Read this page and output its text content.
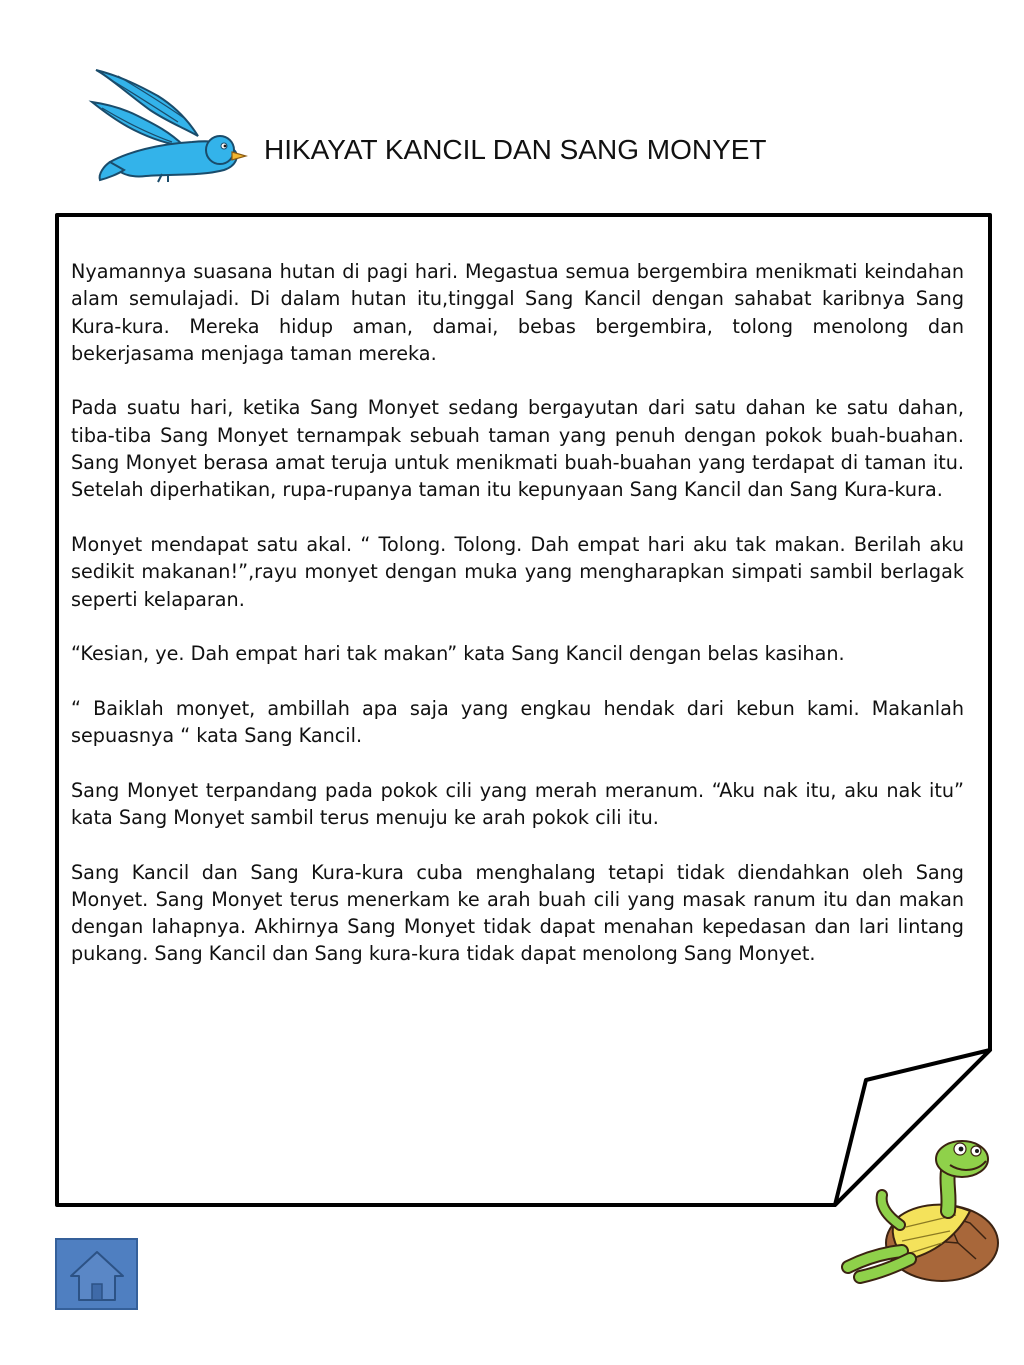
HIKAYAT KANCIL DAN SANG MONYET

Nyamannya suasana hutan di pagi hari. Megastua semua bergembira menikmati keindahan alam semulajadi. Di dalam hutan itu,tinggal Sang Kancil dengan sahabat karibnya Sang Kura-kura. Mereka hidup aman, damai, bebas bergembira, tolong menolong dan bekerjasama menjaga taman mereka.

Pada suatu hari, ketika Sang Monyet sedang bergayutan dari satu dahan ke satu dahan, tiba-tiba Sang Monyet ternampak sebuah taman yang penuh dengan pokok buah-buahan. Sang Monyet berasa amat teruja untuk menikmati buah-buahan yang terdapat di taman itu. Setelah diperhatikan, rupa-rupanya taman itu kepunyaan Sang Kancil dan Sang Kura-kura.

Monyet mendapat satu akal. “ Tolong. Tolong. Dah empat hari aku tak makan. Berilah aku sedikit makanan!”,rayu monyet dengan muka yang mengharapkan simpati sambil berlagak seperti kelaparan.

“Kesian, ye. Dah empat hari tak makan” kata Sang Kancil dengan belas kasihan.

“ Baiklah monyet, ambillah apa saja yang engkau hendak dari kebun kami. Makanlah sepuasnya “ kata Sang Kancil.

Sang Monyet terpandang pada pokok cili yang merah meranum. “Aku nak itu, aku nak itu” kata Sang Monyet sambil terus menuju ke arah pokok cili itu.

Sang Kancil dan Sang Kura-kura cuba menghalang tetapi tidak diendahkan oleh Sang Monyet. Sang Monyet terus menerkam ke arah buah cili yang masak ranum itu dan makan dengan lahapnya. Akhirnya Sang Monyet tidak dapat menahan kepedasan dan lari lintang pukang. Sang Kancil dan Sang kura-kura tidak dapat menolong Sang Monyet.
